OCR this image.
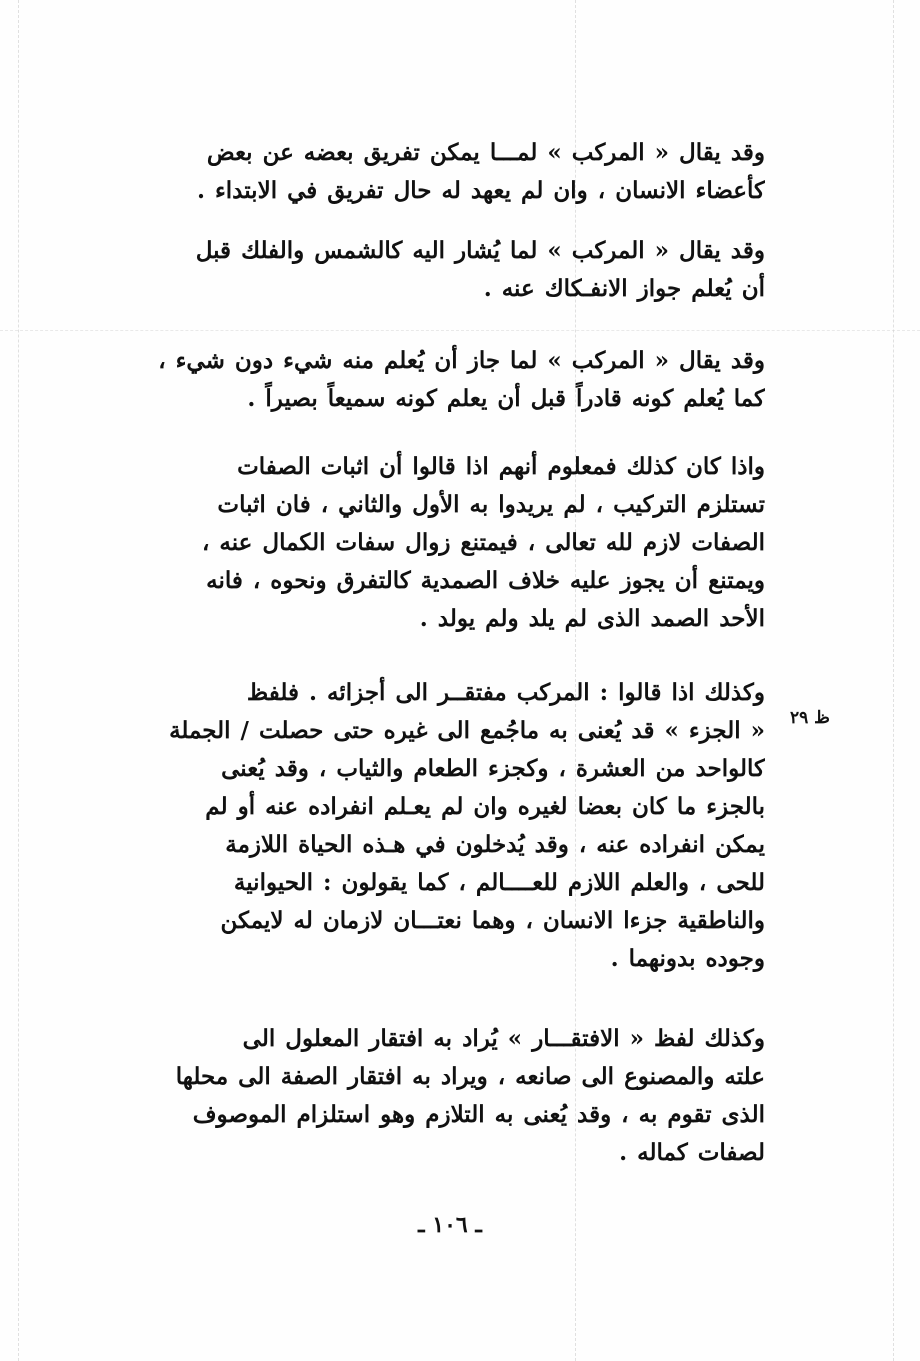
وقد يقال « المركب » لمـــا يمكن تفريق بعضه عن بعض
كأعضاء الانسان ، وان لم يعهد له حال تفريق في الابتداء .
وقد يقال « المركب » لما يُشار اليه كالشمس والفلك قبل
أن يُعلم جواز الانفـكاك عنه .
وقد يقال « المركب » لما جاز أن يُعلم منه شيء دون شيء ،
كما يُعلم كونه قادراً قبل أن يعلم كونه سميعاً بصيراً .
واذا كان كذلك فمعلوم أنهم اذا قالوا أن اثبات الصفات
تستلزم التركيب ، لم يريدوا به الأول والثاني ، فان اثبات
الصفات لازم لله تعالى ، فيمتنع زوال سفات الكمال عنه ،
ويمتنع أن يجوز عليه خلاف الصمدية كالتفرق ونحوه ، فانه
الأحد الصمد الذى لم يلد ولم يولد .
وكذلك اذا قالوا : المركب مفتقــر الى أجزائه . فلفظ
« الجزء » قد يُعنى به ماجُمع الى غيره حتى حصلت / الجملة
كالواحد من العشرة ، وكجزء الطعام والثياب ، وقد يُعنى
بالجزء ما كان بعضا لغيره وان لم يعـلم انفراده عنه أو لم
يمكن انفراده عنه ، وقد يُدخلون في هـذه الحياة اللازمة
للحى ، والعلم اللازم للعــــالم ، كما يقولون : الحيوانية
والناطقية جزءا الانسان ، وهما نعتـــان لازمان له لايمكن
وجوده بدونهما .
وكذلك لفظ « الافتقـــار » يُراد به افتقار المعلول الى
علته والمصنوع الى صانعه ، ويراد به افتقار الصفة الى محلها
الذى تقوم به ، وقد يُعنى به التلازم وهو استلزام الموصوف
لصفات كماله .
ظ ٢٩
ـ ١٠٦ ـ
